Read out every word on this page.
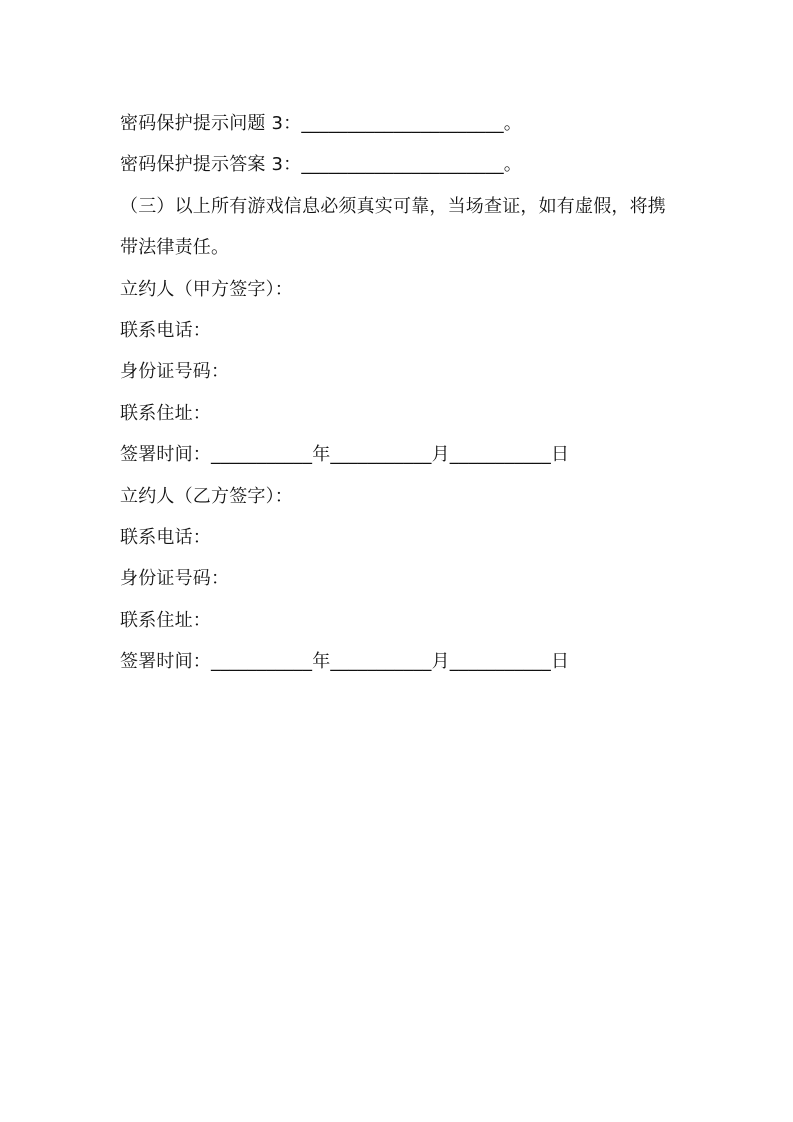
密码保护提示问题 3：______________________。
密码保护提示答案 3：______________________。
（三）以上所有游戏信息必须真实可靠，当场查证，如有虚假，将携
带法律责任。
立约人（甲方签字）：
联系电话：
身份证号码：
联系住址：
签署时间：___________年___________月___________日
立约人（乙方签字）：
联系电话：
身份证号码：
联系住址：
签署时间：___________年___________月___________日
